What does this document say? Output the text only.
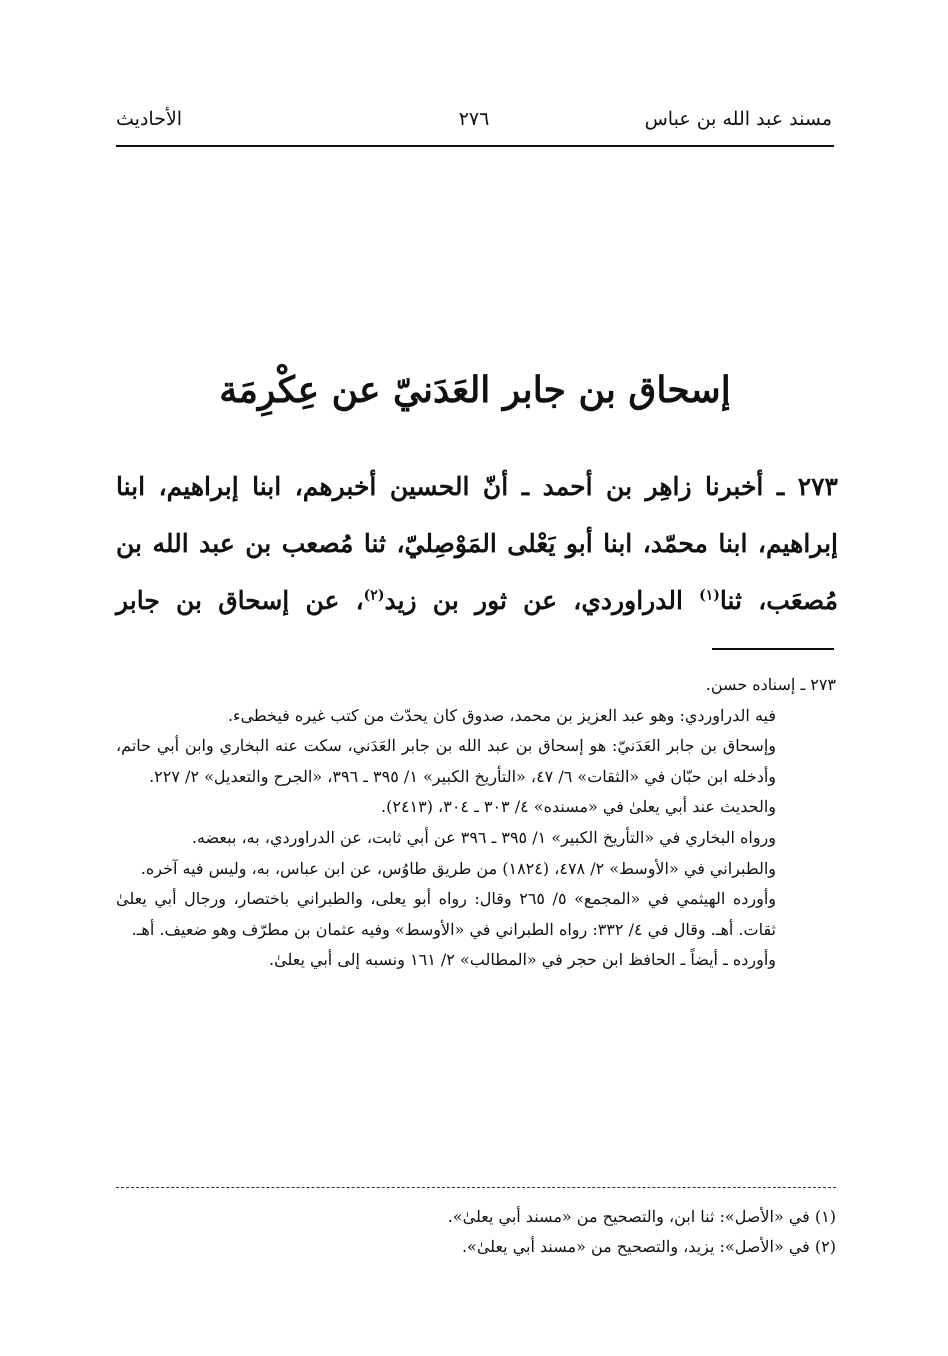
مسند عبد الله بن عباس
٢٧٦
الأحاديث
إسحاق بن جابر العَدَنيّ عن عِكْرِمَة
٢٧٣ ـ أخبرنا زاهِر بن أحمد ـ أنّ الحسين أخبرهم، ابنا إبراهيم، ابنا إبراهيم، ابنا محمّد، ابنا أبو يَعْلى المَوْصِليّ، ثنا مُصعب بن عبد الله بن مُصعَب، ثنا$^{(١)}$ الدراوردي، عن ثور بن زيد$^{(٢)}$، عن إسحاق بن جابر

٢٧٣ ـ إسناده حسن.

فيه الدراوردي: وهو عبد العزيز بن محمد، صدوق كان يحدّث من كتب غيره فيخطىء.

وإسحاق بن جابر العَدَنيّ: هو إسحاق بن عبد الله بن جابر العَدَني، سكت عنه البخاري وابن أبي حاتم، وأدخله ابن حبّان في «الثقات» ٦/ ٤٧، «التأريخ الكبير» ١/ ٣٩٥ ـ ٣٩٦، «الجرح والتعديل» ٢/ ٢٢٧.

والحديث عند أبي يعلىٰ في «مسنده» ٤/ ٣٠٣ ـ ٣٠٤، (٢٤١٣).

ورواه البخاري في «التأريخ الكبير» ١/ ٣٩٥ ـ ٣٩٦ عن أبي ثابت، عن الدراوردي، به، ببعضه.

والطبراني في «الأوسط» ٢/ ٤٧٨، (١٨٢٤) من طريق طاوُس، عن ابن عباس، به، وليس فيه آخره.

وأورده الهيثمي في «المجمع» ٥/ ٢٦٥ وقال: رواه أبو يعلى، والطبراني باختصار، ورجال أبي يعلىٰ ثقات. أهـ. وقال في ٤/ ٣٣٢: رواه الطبراني في «الأوسط» وفيه عثمان بن مطرّف وهو ضعيف. أهـ.

وأورده ـ أيضاً ـ الحافظ ابن حجر في «المطالب» ٢/ ١٦١ ونسبه إلى أبي يعلىٰ.

(١) في «الأصل»: ثنا ابن، والتصحيح من «مسند أبي يعلىٰ».

(٢) في «الأصل»: يزيد، والتصحيح من «مسند أبي يعلىٰ».
